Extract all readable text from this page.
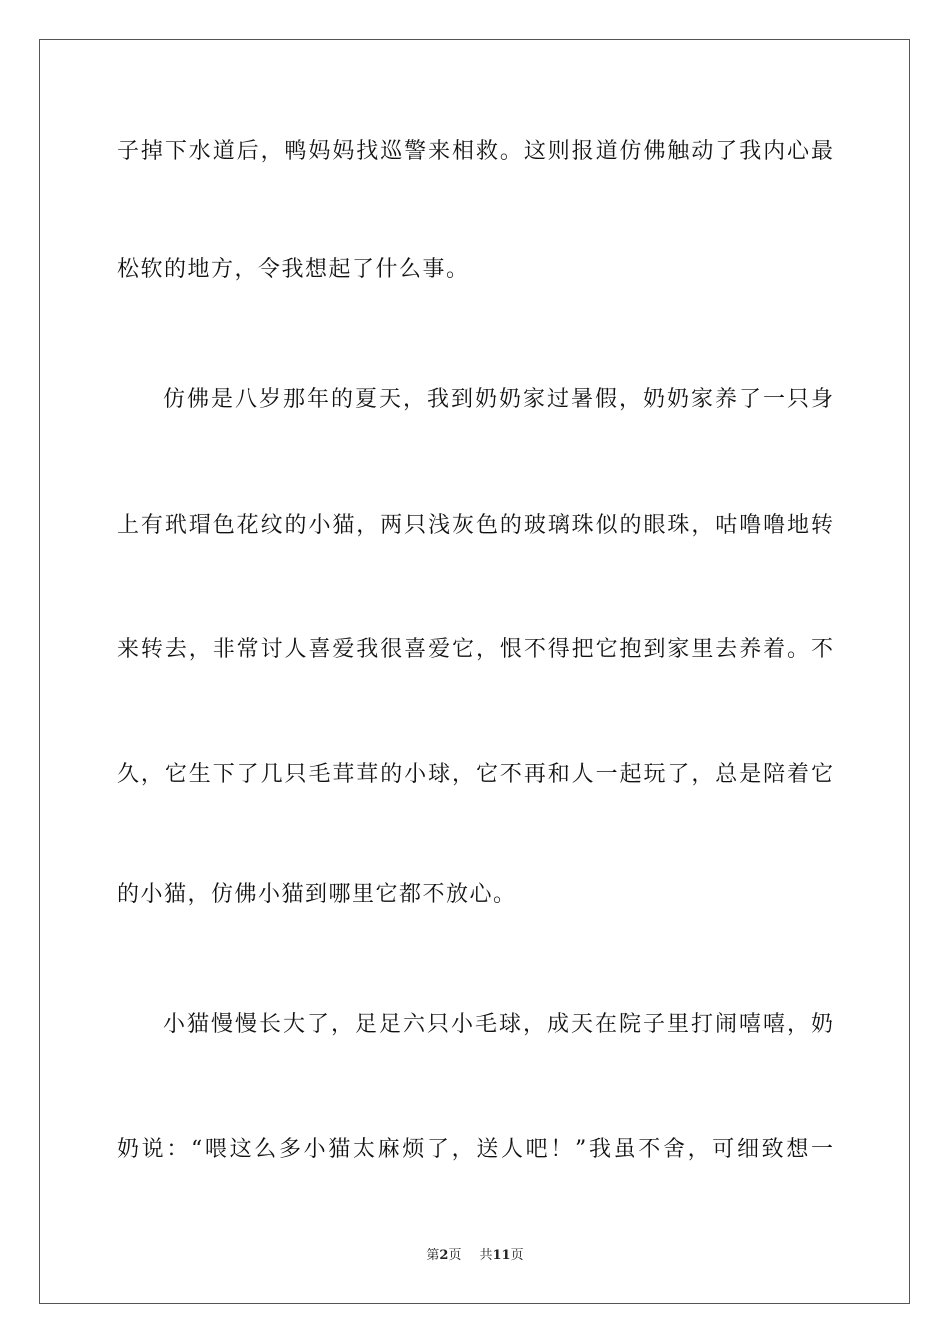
子掉下水道后，鸭妈妈找巡警来相救。这则报道仿佛触动了我内心最

松软的地方，令我想起了什么事。

仿佛是八岁那年的夏天，我到奶奶家过暑假，奶奶家养了一只身

上有玳瑁色花纹的小猫，两只浅灰色的玻璃珠似的眼珠，咕噜噜地转

来转去，非常讨人喜爱我很喜爱它，恨不得把它抱到家里去养着。不

久，它生下了几只毛茸茸的小球，它不再和人一起玩了，总是陪着它

的小猫，仿佛小猫到哪里它都不放心。

小猫慢慢长大了，足足六只小毛球，成天在院子里打闹嘻嘻，奶

奶说：“喂这么多小猫太麻烦了，送人吧！”我虽不舍，可细致想一

第2页 共11页
